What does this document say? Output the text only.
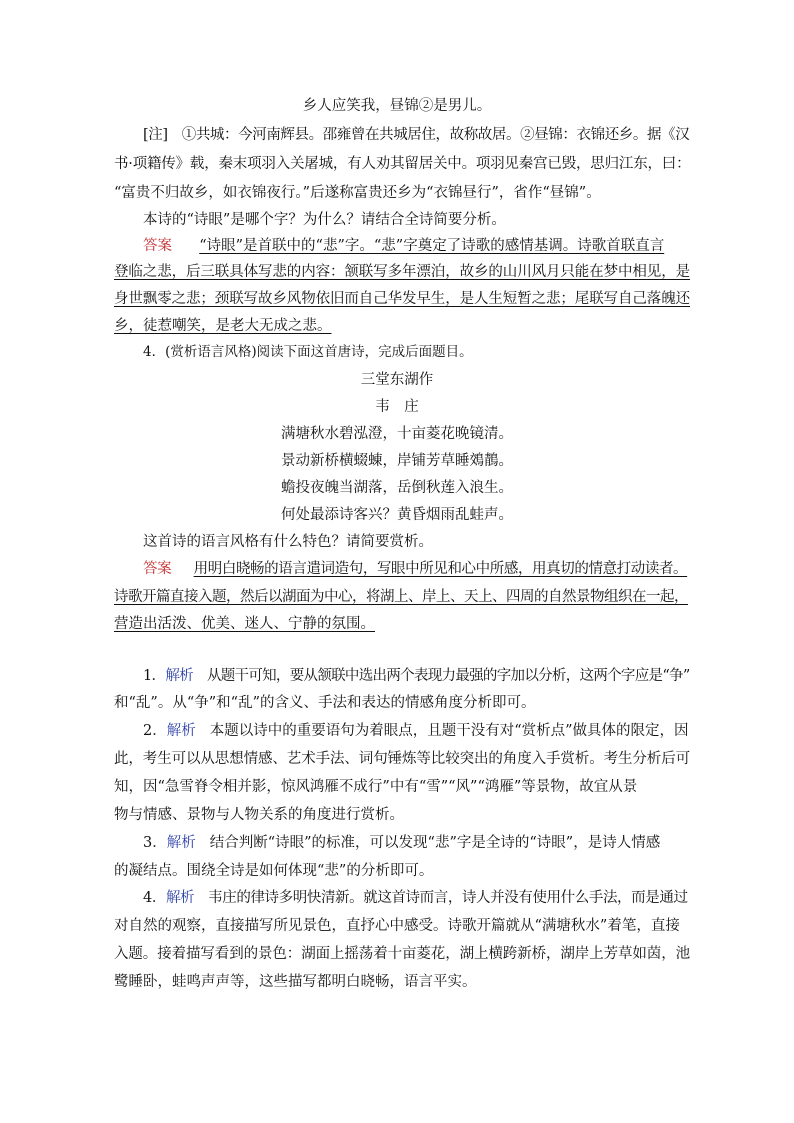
乡人应笑我，昼锦②是男儿。
[注]　①共城：今河南辉县。邵雍曾在共城居住，故称故居。②昼锦：衣锦还乡。据《汉
书·项籍传》载，秦末项羽入关屠城，有人劝其留居关中。项羽见秦宫已毁，思归江东，曰：
“富贵不归故乡，如衣锦夜行。”后遂称富贵还乡为“衣锦昼行”，省作“昼锦”。
本诗的“诗眼”是哪个字？为什么？请结合全诗简要分析。
答案 “诗眼”是首联中的“悲”字。“悲”字奠定了诗歌的感情基调。诗歌首联直言
登临之悲，后三联具体写悲的内容：颔联写多年漂泊，故乡的山川风月只能在梦中相见，是
身世飘零之悲；颈联写故乡风物依旧而自己华发早生，是人生短暂之悲；尾联写自己落魄还
乡，徒惹嘲笑，是老大无成之悲。
4．(赏析语言风格)阅读下面这首唐诗，完成后面题目。
三堂东湖作
韦　庄
满塘秋水碧泓澄，十亩菱花晚镜清。
景动新桥横蝃蝀，岸铺芳草睡鵁鶄。
蟾投夜魄当湖落，岳倒秋莲入浪生。
何处最添诗客兴？黄昏烟雨乱蛙声。
这首诗的语言风格有什么特色？请简要赏析。
答案 用明白晓畅的语言遣词造句，写眼中所见和心中所感，用真切的情意打动读者。
诗歌开篇直接入题，然后以湖面为中心，将湖上、岸上、天上、四周的自然景物组织在一起，
营造出活泼、优美、迷人、宁静的氛围。
1．解析 从题干可知，要从颔联中选出两个表现力最强的字加以分析，这两个字应是“争”
和“乱”。从“争”和“乱”的含义、手法和表达的情感角度分析即可。
2．解析 本题以诗中的重要语句为着眼点，且题干没有对“赏析点”做具体的限定，因
此，考生可以从思想情感、艺术手法、词句锤炼等比较突出的角度入手赏析。考生分析后可
知，因“急雪脊令相并影，惊风鸿雁不成行”中有“雪”“风”“鸿雁”等景物，故宜从景
物与情感、景物与人物关系的角度进行赏析。
3．解析 结合判断“诗眼”的标准，可以发现“悲”字是全诗的“诗眼”，是诗人情感
的凝结点。围绕全诗是如何体现“悲”的分析即可。
4．解析 韦庄的律诗多明快清新。就这首诗而言，诗人并没有使用什么手法，而是通过
对自然的观察，直接描写所见景色，直抒心中感受。诗歌开篇就从“满塘秋水”着笔，直接
入题。接着描写看到的景色：湖面上摇荡着十亩菱花，湖上横跨新桥，湖岸上芳草如茵，池
鹭睡卧，蛙鸣声声等，这些描写都明白晓畅，语言平实。
